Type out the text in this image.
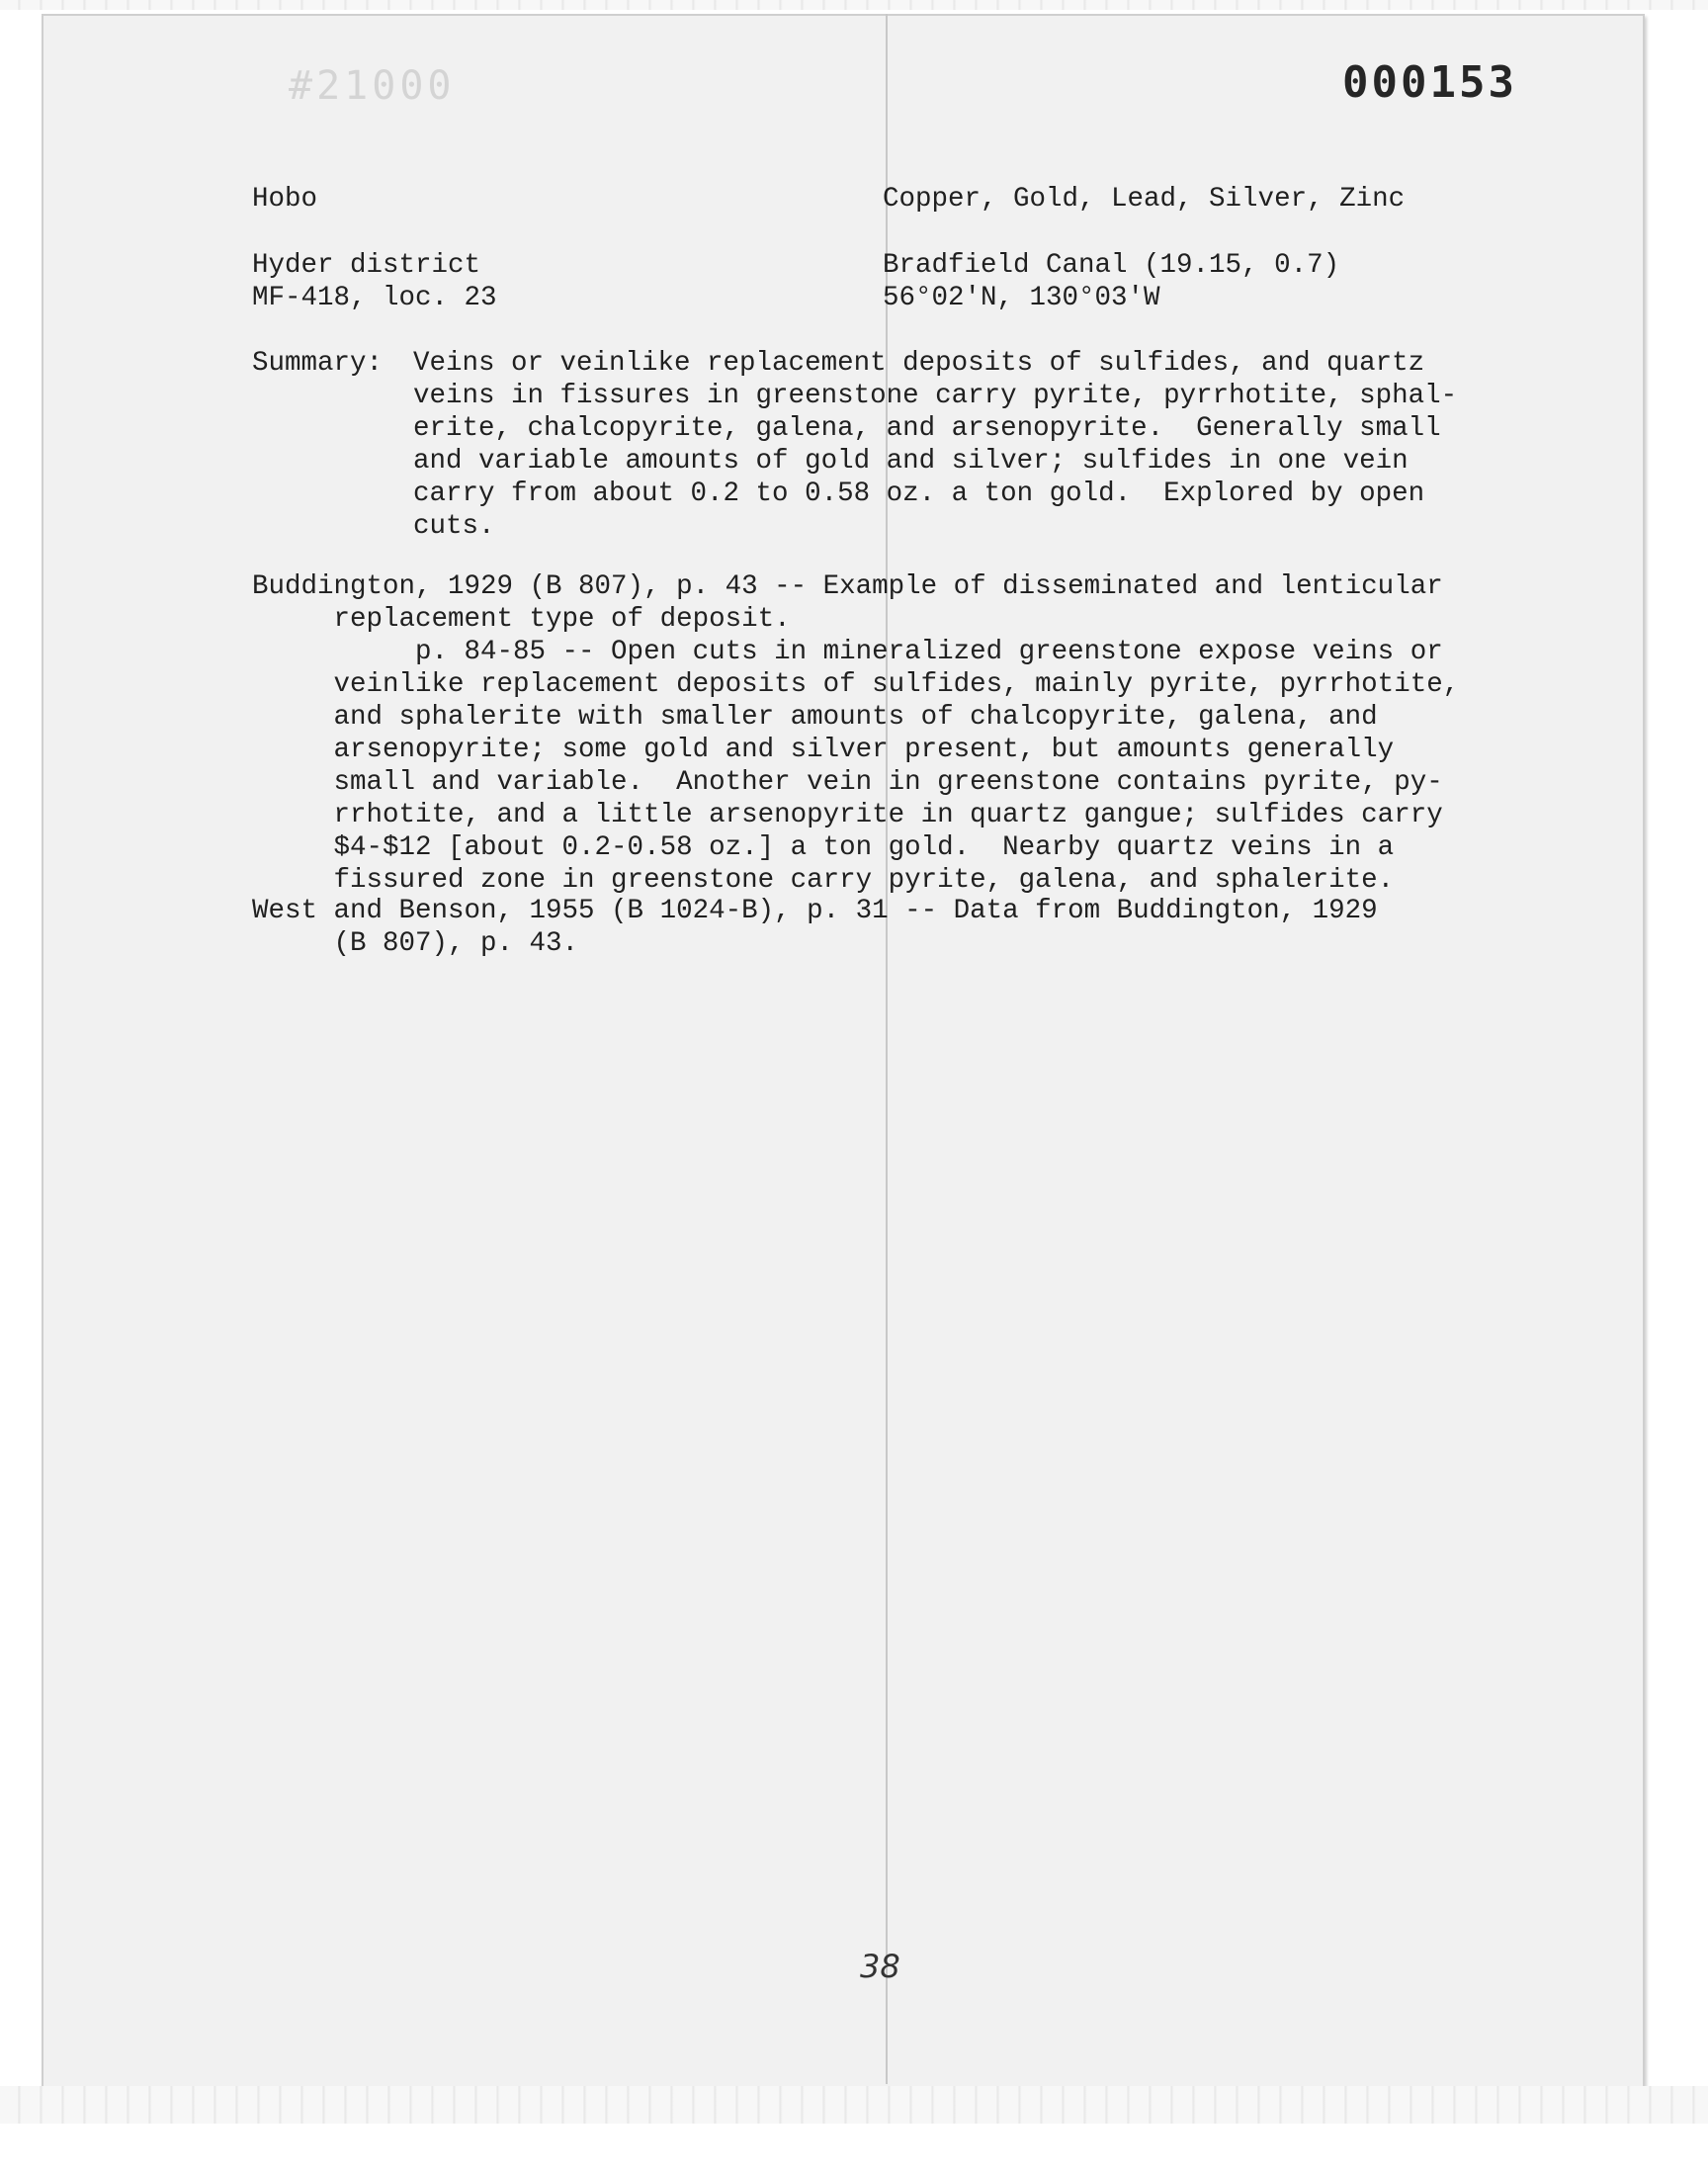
#21000	000153

Hobo	Copper, Gold, Lead, Silver, Zinc

Hyder district	Bradfield Canal (19.15, 0.7)

MF-418, loc. 23	56°02'N, 130°03'W

Summary: Veins or veinlike replacement deposits of sulfides, and quartz

veins in fissures in greenstone carry pyrite, pyrrhotite, sphal-

erite, chalcopyrite, galena, and arsenopyrite.  Generally small

and variable amounts of gold and silver; sulfides in one vein

carry from about 0.2 to 0.58 oz. a ton gold.  Explored by open

cuts.

Buddington, 1929 (B 807), p. 43 -- Example of disseminated and lenticular

replacement type of deposit.

p. 84-85 -- Open cuts in mineralized greenstone expose veins or

veinlike replacement deposits of sulfides, mainly pyrite, pyrrhotite,

and sphalerite with smaller amounts of chalcopyrite, galena, and

arsenopyrite; some gold and silver present, but amounts generally

small and variable.  Another vein in greenstone contains pyrite, py-

rrhotite, and a little arsenopyrite in quartz gangue; sulfides carry

$4-$12 [about 0.2-0.58 oz.] a ton gold.  Nearby quartz veins in a

fissured zone in greenstone carry pyrite, galena, and sphalerite.

West and Benson, 1955 (B 1024-B), p. 31 -- Data from Buddington, 1929

(B 807), p. 43.

38
